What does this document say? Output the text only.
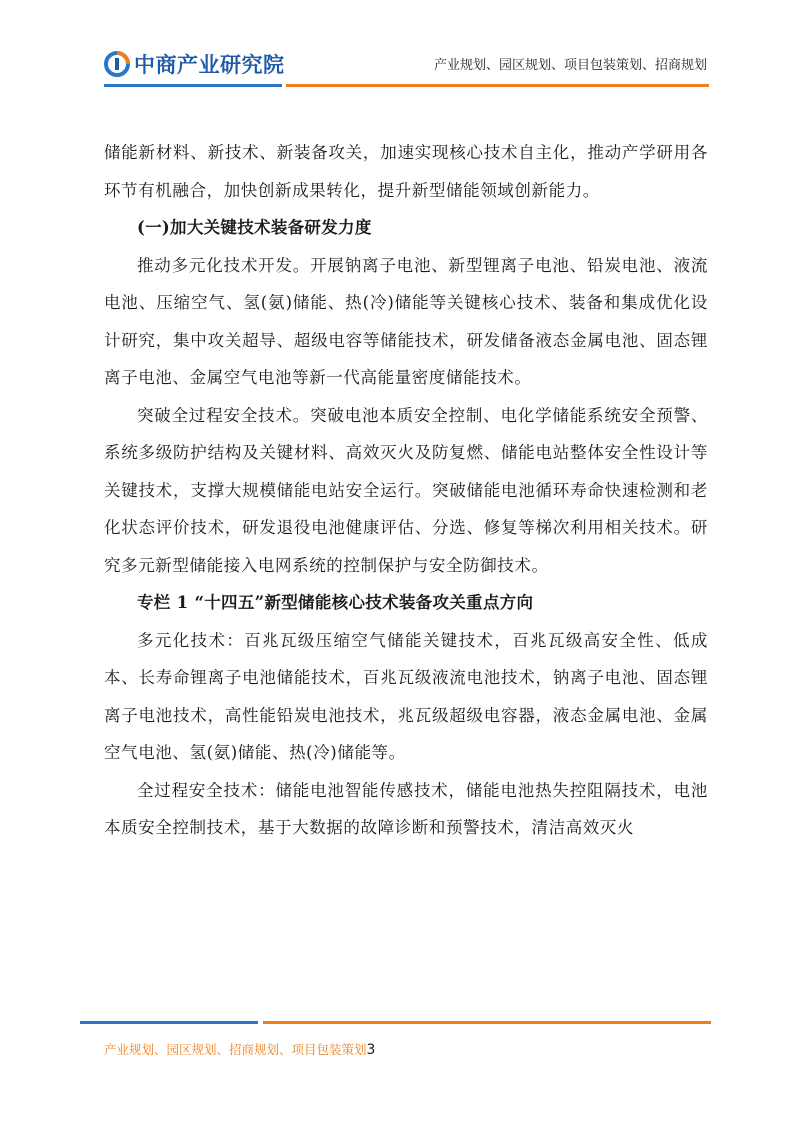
中商产业研究院	产业规划、园区规划、项目包装策划、招商规划

储能新材料、新技术、新装备攻关，加速实现核心技术自主化，推动产学研用各环节有机融合，加快创新成果转化，提升新型储能领域创新能力。

(一)加大关键技术装备研发力度

推动多元化技术开发。开展钠离子电池、新型锂离子电池、铅炭电池、液流电池、压缩空气、氢(氨)储能、热(冷)储能等关键核心技术、装备和集成优化设计研究，集中攻关超导、超级电容等储能技术，研发储备液态金属电池、固态锂离子电池、金属空气电池等新一代高能量密度储能技术。

突破全过程安全技术。突破电池本质安全控制、电化学储能系统安全预警、系统多级防护结构及关键材料、高效灭火及防复燃、储能电站整体安全性设计等关键技术，支撑大规模储能电站安全运行。突破储能电池循环寿命快速检测和老化状态评价技术，研发退役电池健康评估、分选、修复等梯次利用相关技术。研究多元新型储能接入电网系统的控制保护与安全防御技术。

专栏 1 “十四五”新型储能核心技术装备攻关重点方向

多元化技术：百兆瓦级压缩空气储能关键技术，百兆瓦级高安全性、低成本、长寿命锂离子电池储能技术，百兆瓦级液流电池技术，钠离子电池、固态锂离子电池技术，高性能铅炭电池技术，兆瓦级超级电容器，液态金属电池、金属空气电池、氢(氨)储能、热(冷)储能等。

全过程安全技术：储能电池智能传感技术，储能电池热失控阻隔技术，电池本质安全控制技术，基于大数据的故障诊断和预警技术，清洁高效灭火

产业规划、园区规划、招商规划、项目包装策划3
